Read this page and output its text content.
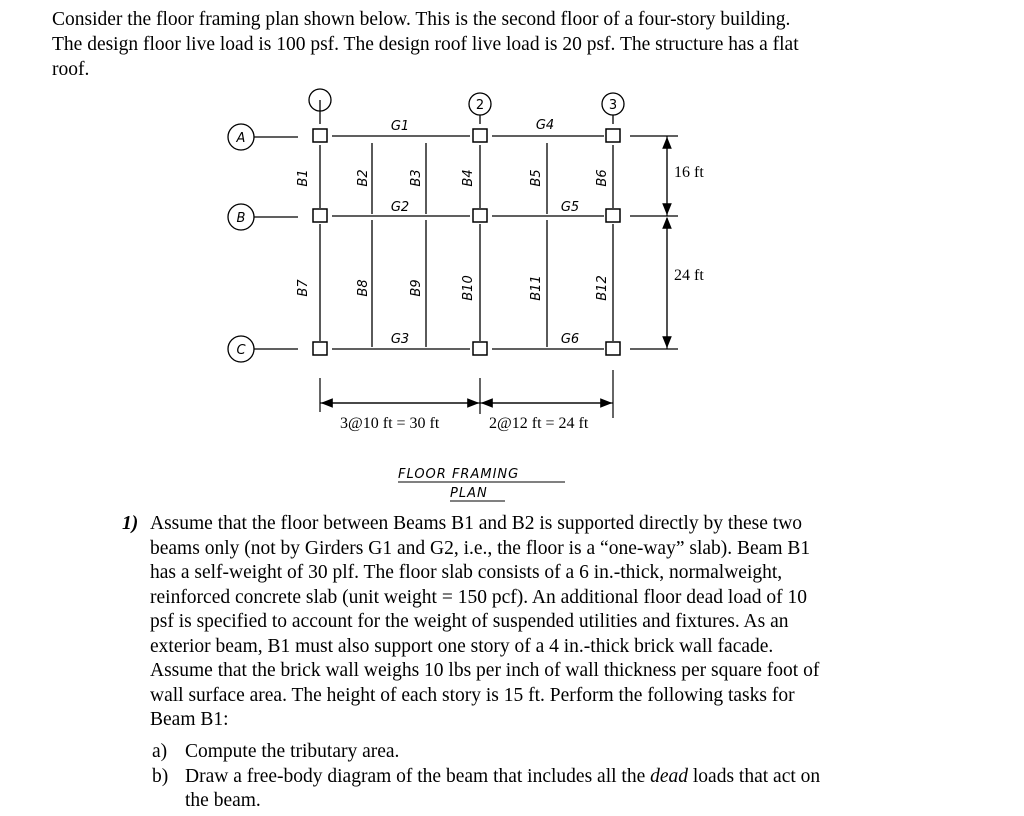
Consider the floor framing plan shown below. This is the second floor of a four-story building.
The design floor live load is 100 psf. The design roof live load is 20 psf. The structure has a flat
roof.
2	3
A
B
C
G1
G2
G3
G4
G5
G6
B1	B2	B3	B4	B5	B6
B7	B8	B9	B10	B11	B12
16 ft
24 ft
3@10 ft = 30 ft	2@12 ft = 24 ft
FLOOR FRAMING
PLAN
1) Assume that the floor between Beams B1 and B2 is supported directly by these two
beams only (not by Girders G1 and G2, i.e., the floor is a “one-way” slab). Beam B1
has a self-weight of 30 plf. The floor slab consists of a 6 in.-thick, normalweight,
reinforced concrete slab (unit weight = 150 pcf). An additional floor dead load of 10
psf is specified to account for the weight of suspended utilities and fixtures. As an
exterior beam, B1 must also support one story of a 4 in.-thick brick wall facade.
Assume that the brick wall weighs 10 lbs per inch of wall thickness per square foot of
wall surface area. The height of each story is 15 ft. Perform the following tasks for
Beam B1:
a) Compute the tributary area.
b) Draw a free-body diagram of the beam that includes all the dead loads that act on
the beam.
